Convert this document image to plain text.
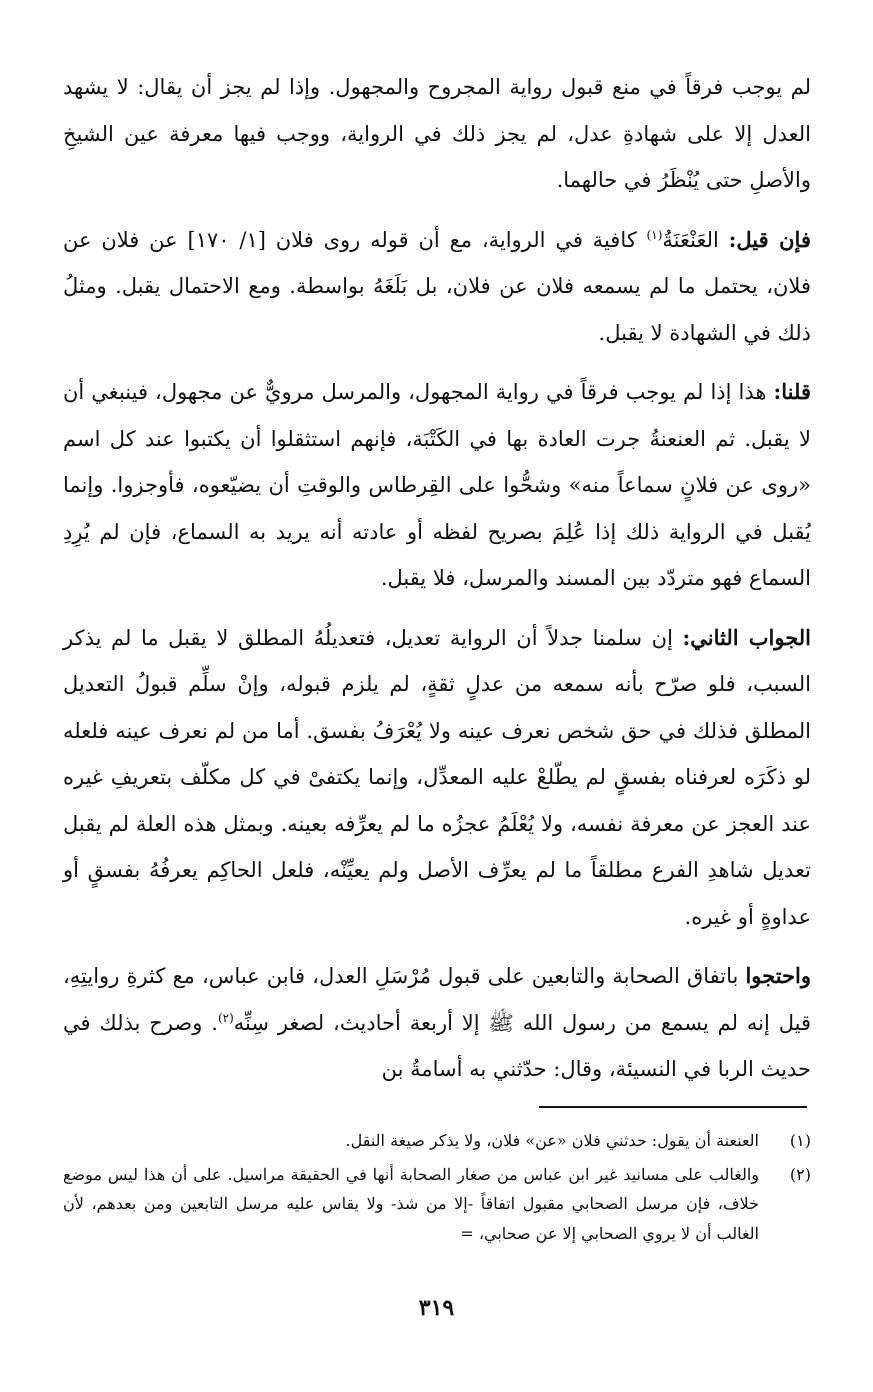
لم يوجب فرقاً في منع قبول رواية المجروح والمجهول. وإذا لم يجز أن يقال: لا يشهد العدل إلا على شهادةِ عدل، لم يجز ذلك في الرواية، ووجب فيها معرفة عين الشيخِ والأصلِ حتى يُنْظَرُ في حالهما.

فإن قيل: العَنْعَنَةُ$^{(١)}$ كافية في الرواية، مع أن قوله روى فلان [١/ ١٧٠] عن فلان عن فلان، يحتمل ما لم يسمعه فلان عن فلان، بل بَلَغَهُ بواسطة. ومع الاحتمال يقبل. ومثلُ ذلك في الشهادة لا يقبل.

قلنا: هذا إذا لم يوجب فرقاً في رواية المجهول، والمرسل مرويٌّ عن مجهول، فينبغي أن لا يقبل. ثم العنعنةُ جرت العادة بها في الكَتْبَة، فإنهم استثقلوا أن يكتبوا عند كل اسم «روى عن فلانٍ سماعاً منه» وشحُّوا على القِرطاس والوقتِ أن يضيّعوه، فأوجزوا. وإنما يُقبل في الرواية ذلك إذا عُلِمَ بصريح لفظه أو عادته أنه يريد به السماع، فإن لم يُرِدِ السماع فهو متردّد بين المسند والمرسل، فلا يقبل.

الجواب الثاني: إن سلمنا جدلاً أن الرواية تعديل، فتعديلُهُ المطلق لا يقبل ما لم يذكر السبب، فلو صرّح بأنه سمعه من عدلٍ ثقةٍ، لم يلزم قبوله، وإنْ سلِّم قبولُ التعديل المطلق فذلك في حق شخص نعرف عينه ولا يُعْرَفُ بفسق. أما من لم نعرف عينه فلعله لو ذكَرَه لعرفناه بفسقٍ لم يطّلعْ عليه المعدِّل، وإنما يكتفىْ في كل مكلّف بتعريفِ غيره عند العجز عن معرفة نفسه، ولا يُعْلَمُ عجزُه ما لم يعرِّفه بعينه. وبمثل هذه العلة لم يقبل تعديل شاهدِ الفرع مطلقاً ما لم يعرِّف الأصل ولم يعيِّنْه، فلعل الحاكِم يعرفُهُ بفسقٍ أو عداوةٍ أو غيره.

واحتجوا باتفاق الصحابة والتابعين على قبول مُرْسَلِ العدل، فابن عباس، مع كثرةِ روايتِهِ، قيل إنه لم يسمع من رسول الله ﷺ إلا أربعة أحاديث، لصغر سِنِّه$^{(٢)}$. وصرح بذلك في حديث الربا في النسيئة، وقال: حدّثني به أسامةُ بن

(١)
العنعنة أن يقول: حدثني فلان «عن» فلان، ولا يذكر صيغة النقل.
(٢)
والغالب على مسانيد غير ابن عباس من صغار الصحابة أنها في الحقيقة مراسيل. على أن هذا ليس موضع خلاف، فإن مرسل الصحابي مقبول اتفاقاً -إلا من شذ- ولا يقاس عليه مرسل التابعين ومن بعدهم، لأن الغالب أن لا يروي الصحابي إلا عن صحابي، =
٣١٩
